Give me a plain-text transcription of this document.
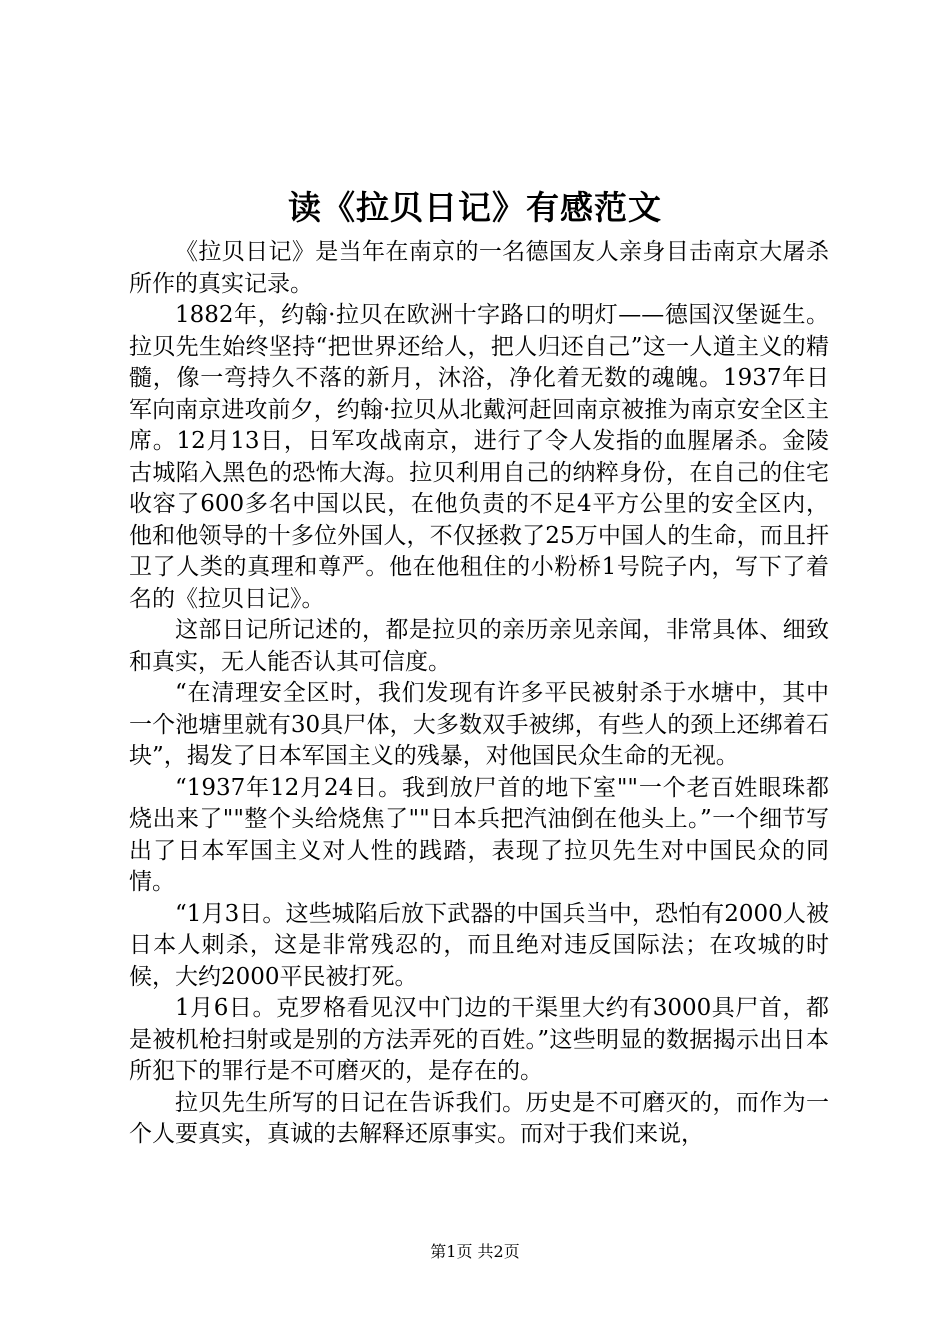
读《拉贝日记》有感范文

《拉贝日记》是当年在南京的一名德国友人亲身目击南京大屠杀所作的真实记录。

1882年，约翰·拉贝在欧洲十字路口的明灯——德国汉堡诞生。拉贝先生始终坚持“把世界还给人，把人归还自己”这一人道主义的精髓，像一弯持久不落的新月，沐浴，净化着无数的魂魄。1937年日军向南京进攻前夕，约翰·拉贝从北戴河赶回南京被推为南京安全区主席。12月13日，日军攻战南京，进行了令人发指的血腥屠杀。金陵古城陷入黑色的恐怖大海。拉贝利用自己的纳粹身份，在自己的住宅收容了600多名中国以民，在他负责的不足4平方公里的安全区内，他和他领导的十多位外国人，不仅拯救了25万中国人的生命，而且扞卫了人类的真理和尊严。他在他租住的小粉桥1号院子内，写下了着名的《拉贝日记》。

这部日记所记述的，都是拉贝的亲历亲见亲闻，非常具体、细致和真实，无人能否认其可信度。

“在清理安全区时，我们发现有许多平民被射杀于水塘中，其中一个池塘里就有30具尸体，大多数双手被绑，有些人的颈上还绑着石块”，揭发了日本军国主义的残暴，对他国民众生命的无视。

“1937年12月24日。我到放尸首的地下室""一个老百姓眼珠都烧出来了""整个头给烧焦了""日本兵把汽油倒在他头上。”一个细节写出了日本军国主义对人性的践踏，表现了拉贝先生对中国民众的同情。

“1月3日。这些城陷后放下武器的中国兵当中，恐怕有2000人被日本人刺杀，这是非常残忍的，而且绝对违反国际法；在攻城的时候，大约2000平民被打死。

1月6日。克罗格看见汉中门边的干渠里大约有3000具尸首，都是被机枪扫射或是别的方法弄死的百姓。”这些明显的数据揭示出日本所犯下的罪行是不可磨灭的，是存在的。

拉贝先生所写的日记在告诉我们。历史是不可磨灭的，而作为一个人要真实，真诚的去解释还原事实。而对于我们来说，

第1页 共2页
